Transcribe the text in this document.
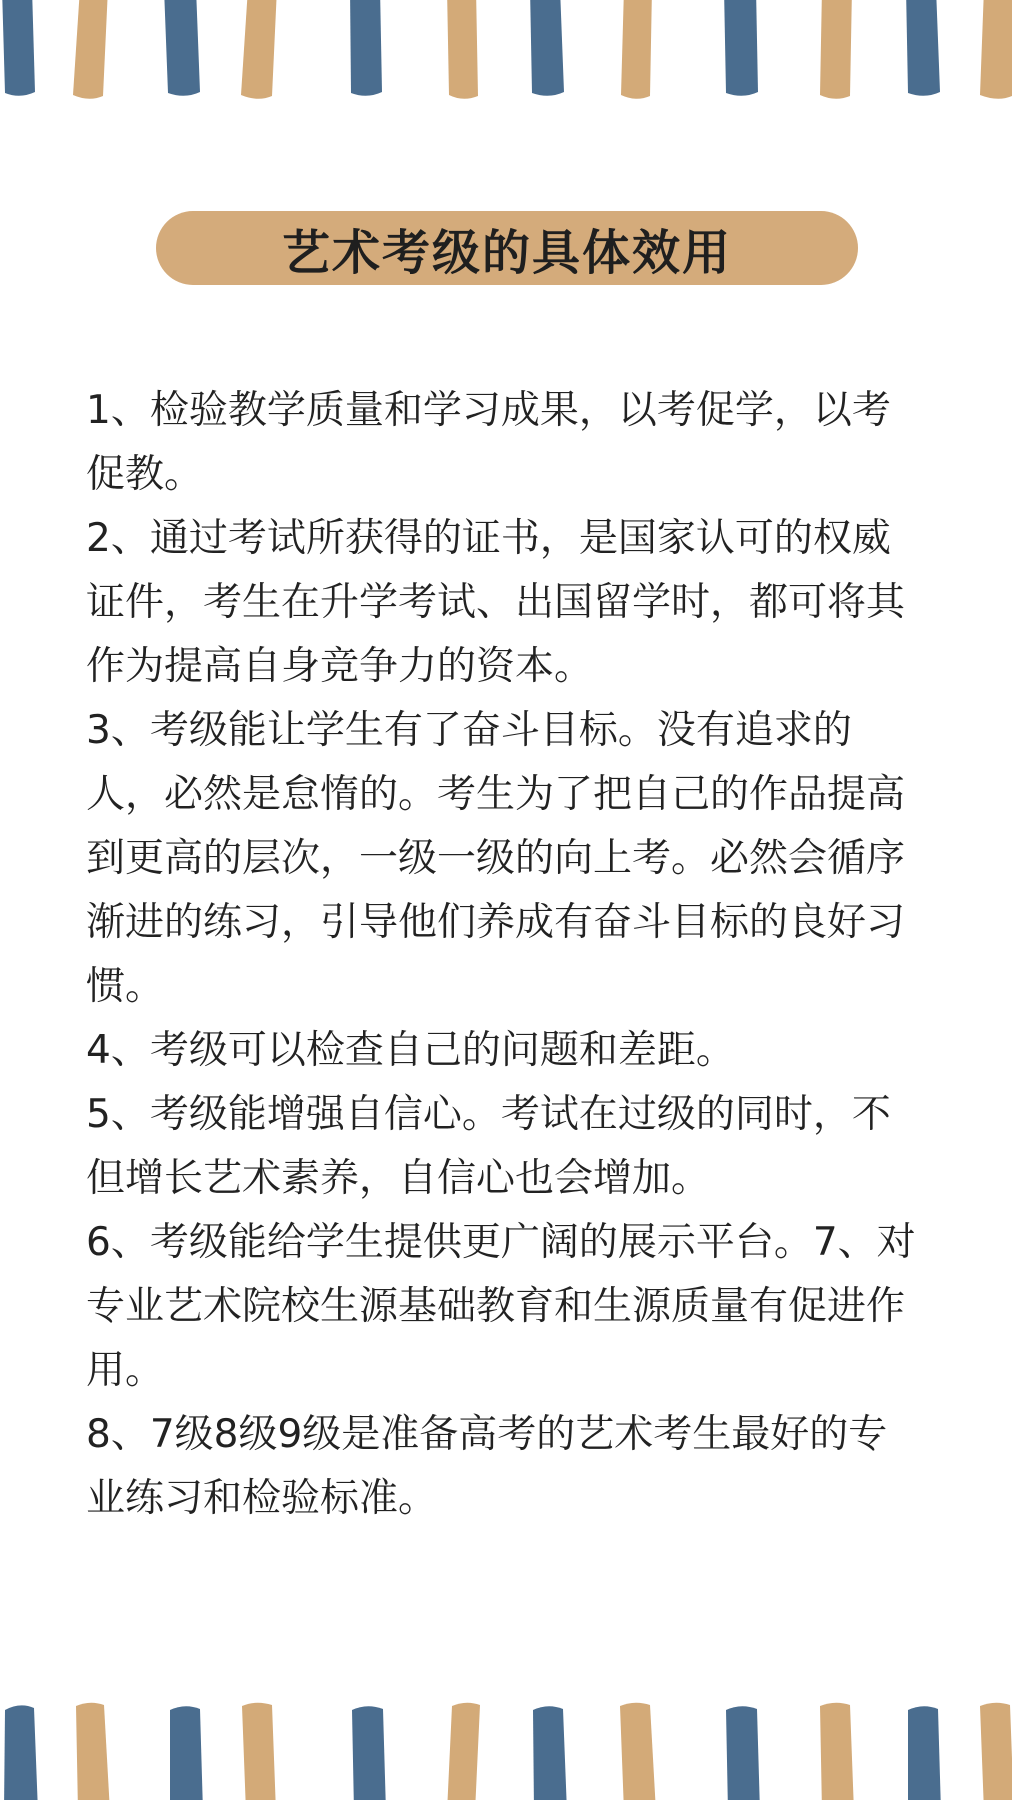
艺术考级的具体效用

1、检验教学质量和学习成果，以考促学，以考促教。

2、通过考试所获得的证书，是国家认可的权威证件，考生在升学考试、出国留学时，都可将其作为提高自身竞争力的资本。

3、考级能让学生有了奋斗目标。没有追求的人，必然是怠惰的。考生为了把自己的作品提高到更高的层次，一级一级的向上考。必然会循序渐进的练习，引导他们养成有奋斗目标的良好习惯。

4、考级可以检查自己的问题和差距。

5、考级能增强自信心。考试在过级的同时，不但增长艺术素养，自信心也会增加。

6、考级能给学生提供更广阔的展示平台。7、对专业艺术院校生源基础教育和生源质量有促进作用。

8、7级8级9级是准备高考的艺术考生最好的专业练习和检验标准。
